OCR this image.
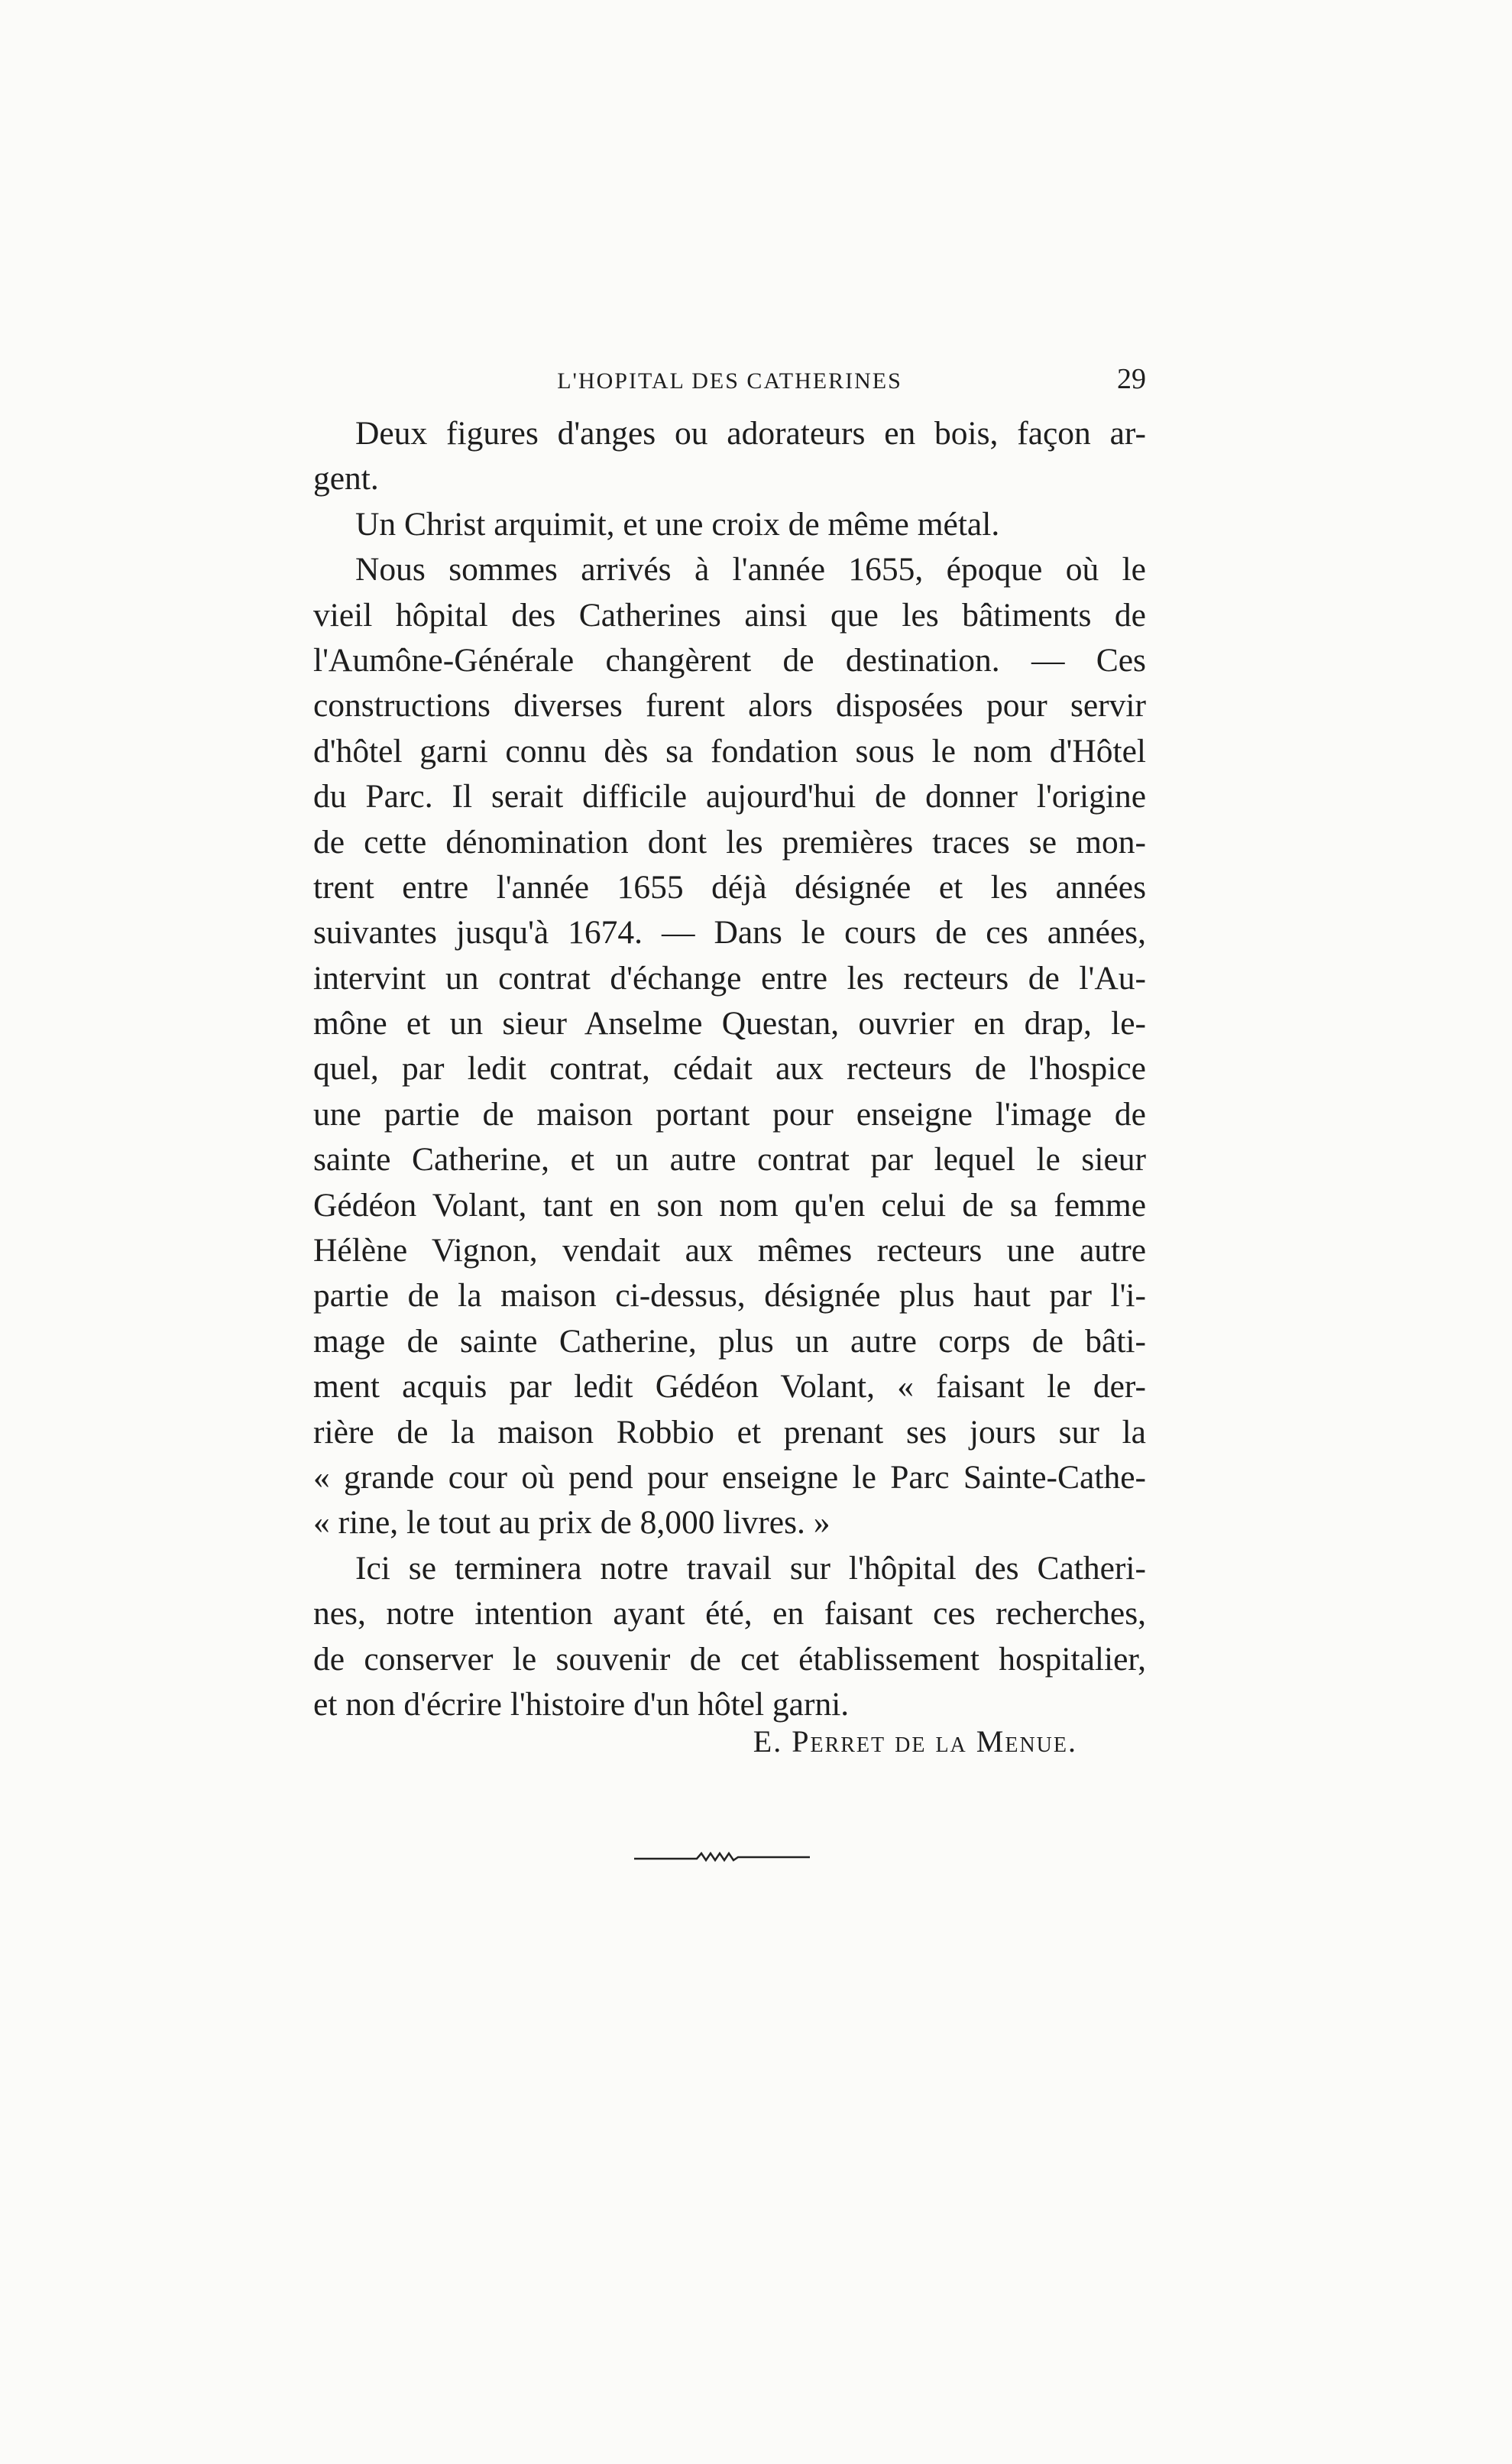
L'HOPITAL DES CATHERINES	29
Deux figures d'anges ou adorateurs en bois, façon ar-
gent.
Un Christ arquimit, et une croix de même métal.
Nous sommes arrivés à l'année 1655, époque où le
vieil hôpital des Catherines ainsi que les bâtiments de
l'Aumône-Générale changèrent de destination. — Ces
constructions diverses furent alors disposées pour servir
d'hôtel garni connu dès sa fondation sous le nom d'Hôtel
du Parc. Il serait difficile aujourd'hui de donner l'origine
de cette dénomination dont les premières traces se mon-
trent entre l'année 1655 déjà désignée et les années
suivantes jusqu'à 1674. — Dans le cours de ces années,
intervint un contrat d'échange entre les recteurs de l'Au-
mône et un sieur Anselme Questan, ouvrier en drap, le-
quel, par ledit contrat, cédait aux recteurs de l'hospice
une partie de maison portant pour enseigne l'image de
sainte Catherine, et un autre contrat par lequel le sieur
Gédéon Volant, tant en son nom qu'en celui de sa femme
Hélène Vignon, vendait aux mêmes recteurs une autre
partie de la maison ci-dessus, désignée plus haut par l'i-
mage de sainte Catherine, plus un autre corps de bâti-
ment acquis par ledit Gédéon Volant, « faisant le der-
rière de la maison Robbio et prenant ses jours sur la
« grande cour où pend pour enseigne le Parc Sainte-Cathe-
« rine, le tout au prix de 8,000 livres. »
Ici se terminera notre travail sur l'hôpital des Catheri-
nes, notre intention ayant été, en faisant ces recherches,
de conserver le souvenir de cet établissement hospitalier,
et non d'écrire l'histoire d'un hôtel garni.
E. Perret de la Menue.
